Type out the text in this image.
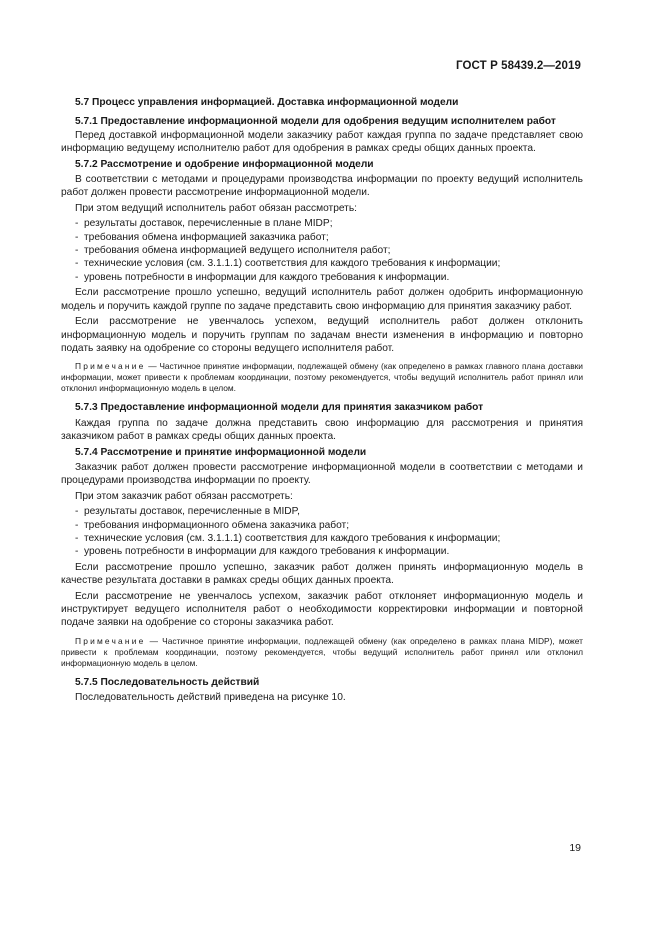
ГОСТ Р 58439.2—2019
5.7 Процесс управления информацией. Доставка информационной модели
5.7.1 Предоставление информационной модели для одобрения ведущим исполнителем работ

Перед доставкой информационной модели заказчику работ каждая группа по задаче представляет свою информацию ведущему исполнителю работ для одобрения в рамках среды общих данных проекта.

5.7.2 Рассмотрение и одобрение информационной модели

В соответствии с методами и процедурами производства информации по проекту ведущий исполнитель работ должен провести рассмотрение информационной модели.

При этом ведущий исполнитель работ обязан рассмотреть:

- результаты доставок, перечисленные в плане MIDP;
- требования обмена информацией заказчика работ;
- требования обмена информацией ведущего исполнителя работ;
- технические условия (см. 3.1.1.1) соответствия для каждого требования к информации;
- уровень потребности в информации для каждого требования к информации.

Если рассмотрение прошло успешно, ведущий исполнитель работ должен одобрить информационную модель и поручить каждой группе по задаче представить свою информацию для принятия заказчику работ.

Если рассмотрение не увенчалось успехом, ведущий исполнитель работ должен отклонить информационную модель и поручить группам по задачам внести изменения в информацию и повторно подать заявку на одобрение со стороны ведущего исполнителя работ.

Примечание — Частичное принятие информации, подлежащей обмену (как определено в рамках главного плана доставки информации, может привести к проблемам координации, поэтому рекомендуется, чтобы ведущий исполнитель работ принял или отклонил информационную модель в целом.

5.7.3 Предоставление информационной модели для принятия заказчиком работ

Каждая группа по задаче должна представить свою информацию для рассмотрения и принятия заказчиком работ в рамках среды общих данных проекта.

5.7.4 Рассмотрение и принятие информационной модели

Заказчик работ должен провести рассмотрение информационной модели в соответствии с методами и процедурами производства информации по проекту.

При этом заказчик работ обязан рассмотреть:

- результаты доставок, перечисленные в MIDP,
- требования информационного обмена заказчика работ;
- технические условия (см. 3.1.1.1) соответствия для каждого требования к информации;
- уровень потребности в информации для каждого требования к информации.

Если рассмотрение прошло успешно, заказчик работ должен принять информационную модель в качестве результата доставки в рамках среды общих данных проекта.

Если рассмотрение не увенчалось успехом, заказчик работ отклоняет информационную модель и инструктирует ведущего исполнителя работ о необходимости корректировки информации и повторной подаче заявки на одобрение со стороны заказчика работ.

Примечание — Частичное принятие информации, подлежащей обмену (как определено в рамках плана MIDP), может привести к проблемам координации, поэтому рекомендуется, чтобы ведущий исполнитель работ принял или отклонил информационную модель в целом.

5.7.5 Последовательность действий

Последовательность действий приведена на рисунке 10.

19
